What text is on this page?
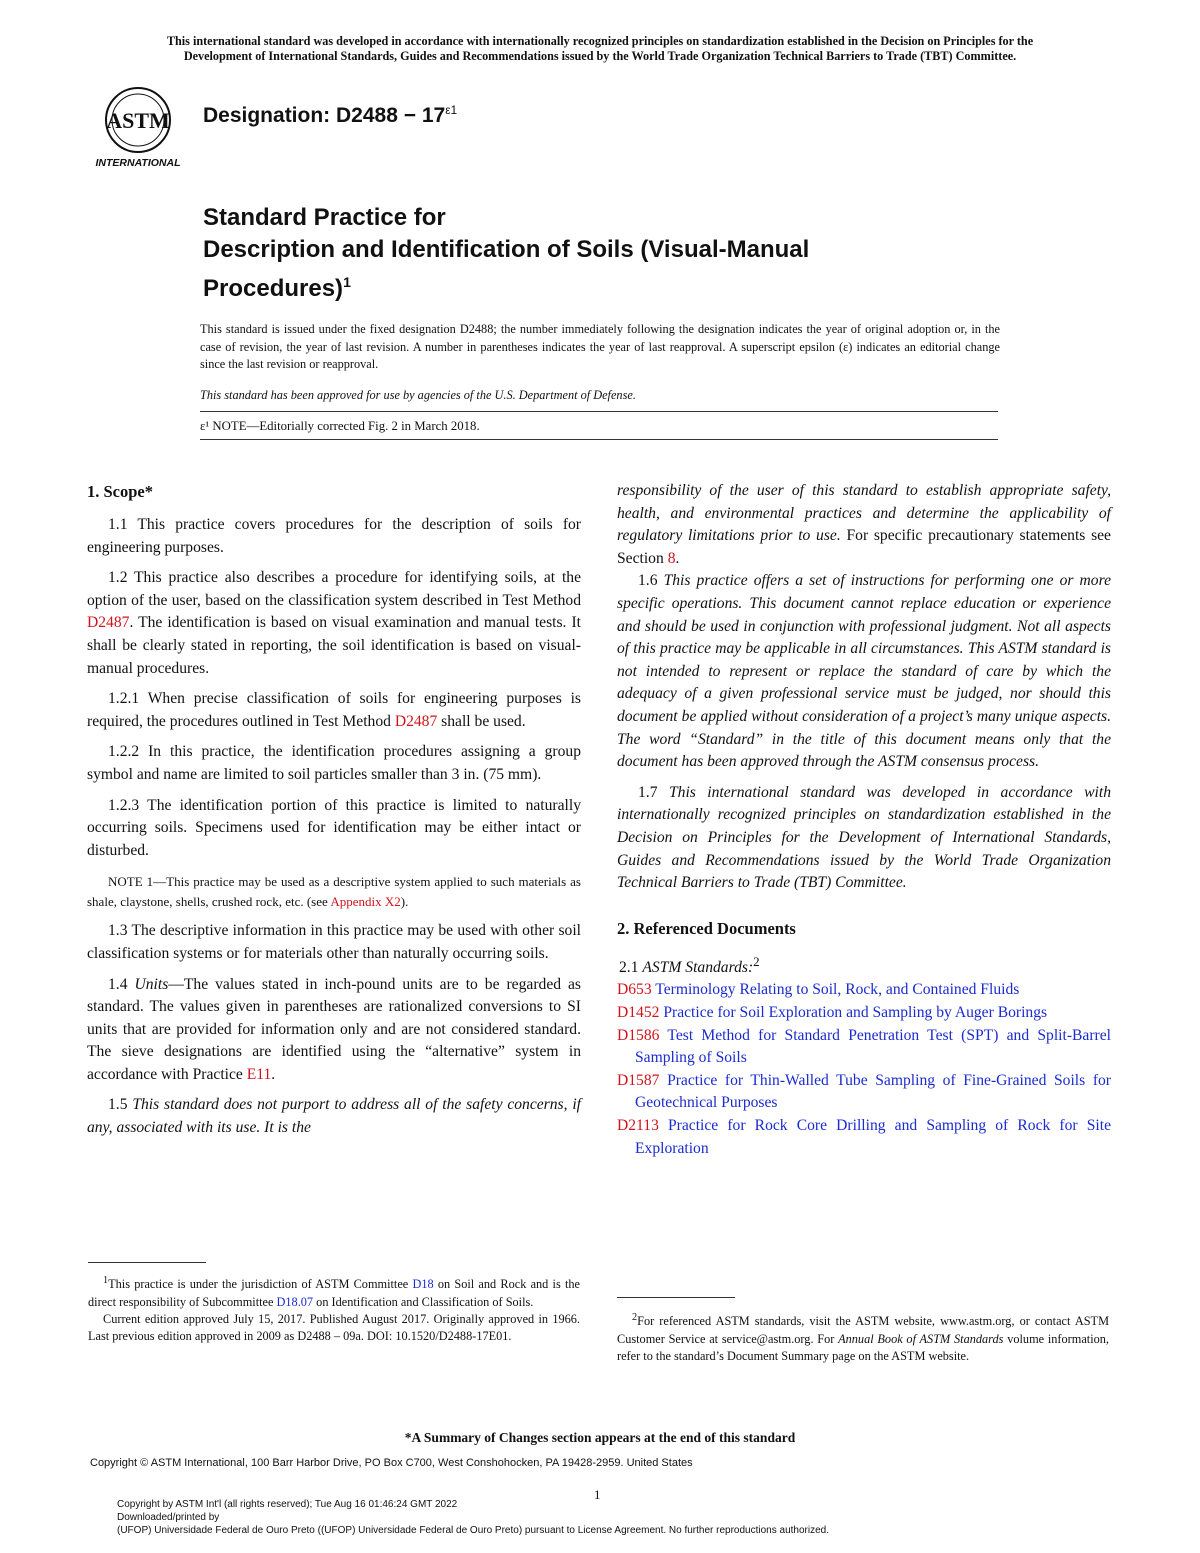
This international standard was developed in accordance with internationally recognized principles on standardization established in the Decision on Principles for the
Development of International Standards, Guides and Recommendations issued by the World Trade Organization Technical Barriers to Trade (TBT) Committee.
ASTM
INTERNATIONAL
Designation: $D2488 - 17^{\varepsilon 1}$
Standard Practice for
Description and Identification of Soils (Visual-Manual
Procedures)$^1$
This standard is issued under the fixed designation D2488; the number immediately following the designation indicates the year of original adoption or, in the case of revision, the year of last revision. A number in parentheses indicates the year of last reapproval. A superscript epsilon (ε) indicates an editorial change since the last revision or reapproval.
This standard has been approved for use by agencies of the U.S. Department of Defense.
ε¹ NOTE—Editorially corrected Fig. 2 in March 2018.
1. Scope*

1.1 This practice covers procedures for the description of soils for engineering purposes.

1.2 This practice also describes a procedure for identifying soils, at the option of the user, based on the classification system described in Test Method D2487. The identification is based on visual examination and manual tests. It shall be clearly stated in reporting, the soil identification is based on visual-manual procedures.

1.2.1 When precise classification of soils for engineering purposes is required, the procedures outlined in Test Method D2487 shall be used.

1.2.2 In this practice, the identification procedures assigning a group symbol and name are limited to soil particles smaller than 3 in. (75 mm).

1.2.3 The identification portion of this practice is limited to naturally occurring soils. Specimens used for identification may be either intact or disturbed.

NOTE 1—This practice may be used as a descriptive system applied to such materials as shale, claystone, shells, crushed rock, etc. (see Appendix X2).

1.3 The descriptive information in this practice may be used with other soil classification systems or for materials other than naturally occurring soils.

1.4 Units—The values stated in inch-pound units are to be regarded as standard. The values given in parentheses are rationalized conversions to SI units that are provided for information only and are not considered standard. The sieve designations are identified using the “alternative” system in accordance with Practice E11.

1.5 This standard does not purport to address all of the safety concerns, if any, associated with its use. It is the

responsibility of the user of this standard to establish appropriate safety, health, and environmental practices and determine the applicability of regulatory limitations prior to use. For specific precautionary statements see Section 8.

1.6 This practice offers a set of instructions for performing one or more specific operations. This document cannot replace education or experience and should be used in conjunction with professional judgment. Not all aspects of this practice may be applicable in all circumstances. This ASTM standard is not intended to represent or replace the standard of care by which the adequacy of a given professional service must be judged, nor should this document be applied without consideration of a project’s many unique aspects. The word “Standard” in the title of this document means only that the document has been approved through the ASTM consensus process.

1.7 This international standard was developed in accordance with internationally recognized principles on standardization established in the Decision on Principles for the Development of International Standards, Guides and Recommendations issued by the World Trade Organization Technical Barriers to Trade (TBT) Committee.

2. Referenced Documents

2.1 ASTM Standards:$^2$

D653 Terminology Relating to Soil, Rock, and Contained Fluids

D1452 Practice for Soil Exploration and Sampling by Auger Borings

D1586 Test Method for Standard Penetration Test (SPT) and Split-Barrel Sampling of Soils

D1587 Practice for Thin-Walled Tube Sampling of Fine-Grained Soils for Geotechnical Purposes

D2113 Practice for Rock Core Drilling and Sampling of Rock for Site Exploration

$^1$This practice is under the jurisdiction of ASTM Committee D18 on Soil and Rock and is the direct responsibility of Subcommittee D18.07 on Identification and Classification of Soils.

Current edition approved July 15, 2017. Published August 2017. Originally approved in 1966. Last previous edition approved in 2009 as D2488 – 09a. DOI: 10.1520/D2488-17E01.

$^2$For referenced ASTM standards, visit the ASTM website, www.astm.org, or contact ASTM Customer Service at service@astm.org. For Annual Book of ASTM Standards volume information, refer to the standard’s Document Summary page on the ASTM website.

*A Summary of Changes section appears at the end of this standard
Copyright © ASTM International, 100 Barr Harbor Drive, PO Box C700, West Conshohocken, PA 19428-2959. United States
1
Copyright by ASTM Int'l (all rights reserved); Tue Aug 16 01:46:24 GMT 2022
Downloaded/printed by
(UFOP) Universidade Federal de Ouro Preto ((UFOP) Universidade Federal de Ouro Preto) pursuant to License Agreement. No further reproductions authorized.
